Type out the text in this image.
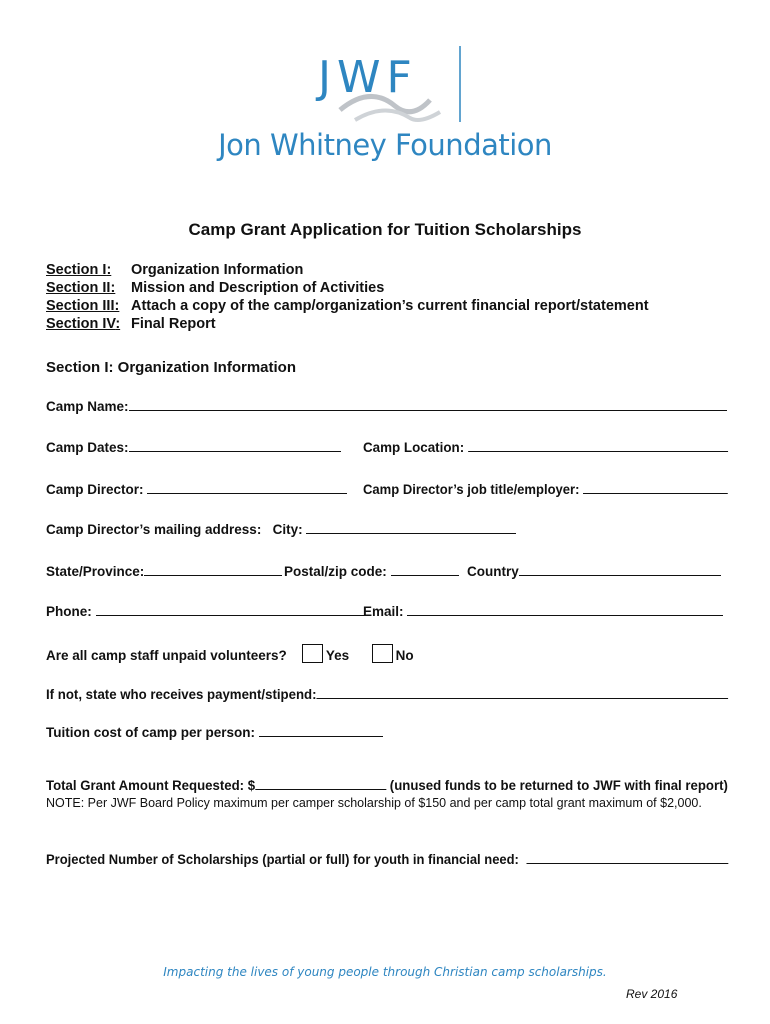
JWF
Jon Whitney Foundation
Camp Grant Application for Tuition Scholarships
Section I:	Organization Information
Section II:	Mission and Description of Activities
Section III: Attach a copy of the camp/organization’s current financial report/statement
Section IV: Final Report
Section I: Organization Information
Camp Name:
Camp Dates:	Camp Location:
Camp Director:	Camp Director’s job title/employer:
Camp Director’s mailing address: City:
State/Province:	Postal/zip code:	Country
Phone:	Email:
Are all camp staff unpaid volunteers?	Yes	No
If not, state who receives payment/stipend:
Tuition cost of camp per person:
Total Grant Amount Requested: $	(unused funds to be returned to JWF with final report)
NOTE: Per JWF Board Policy maximum per camper scholarship of $150 and per camp total grant maximum of $2,000.
Projected Number of Scholarships (partial or full) for youth in financial need:
Impacting the lives of young people through Christian camp scholarships.
Rev 2016
